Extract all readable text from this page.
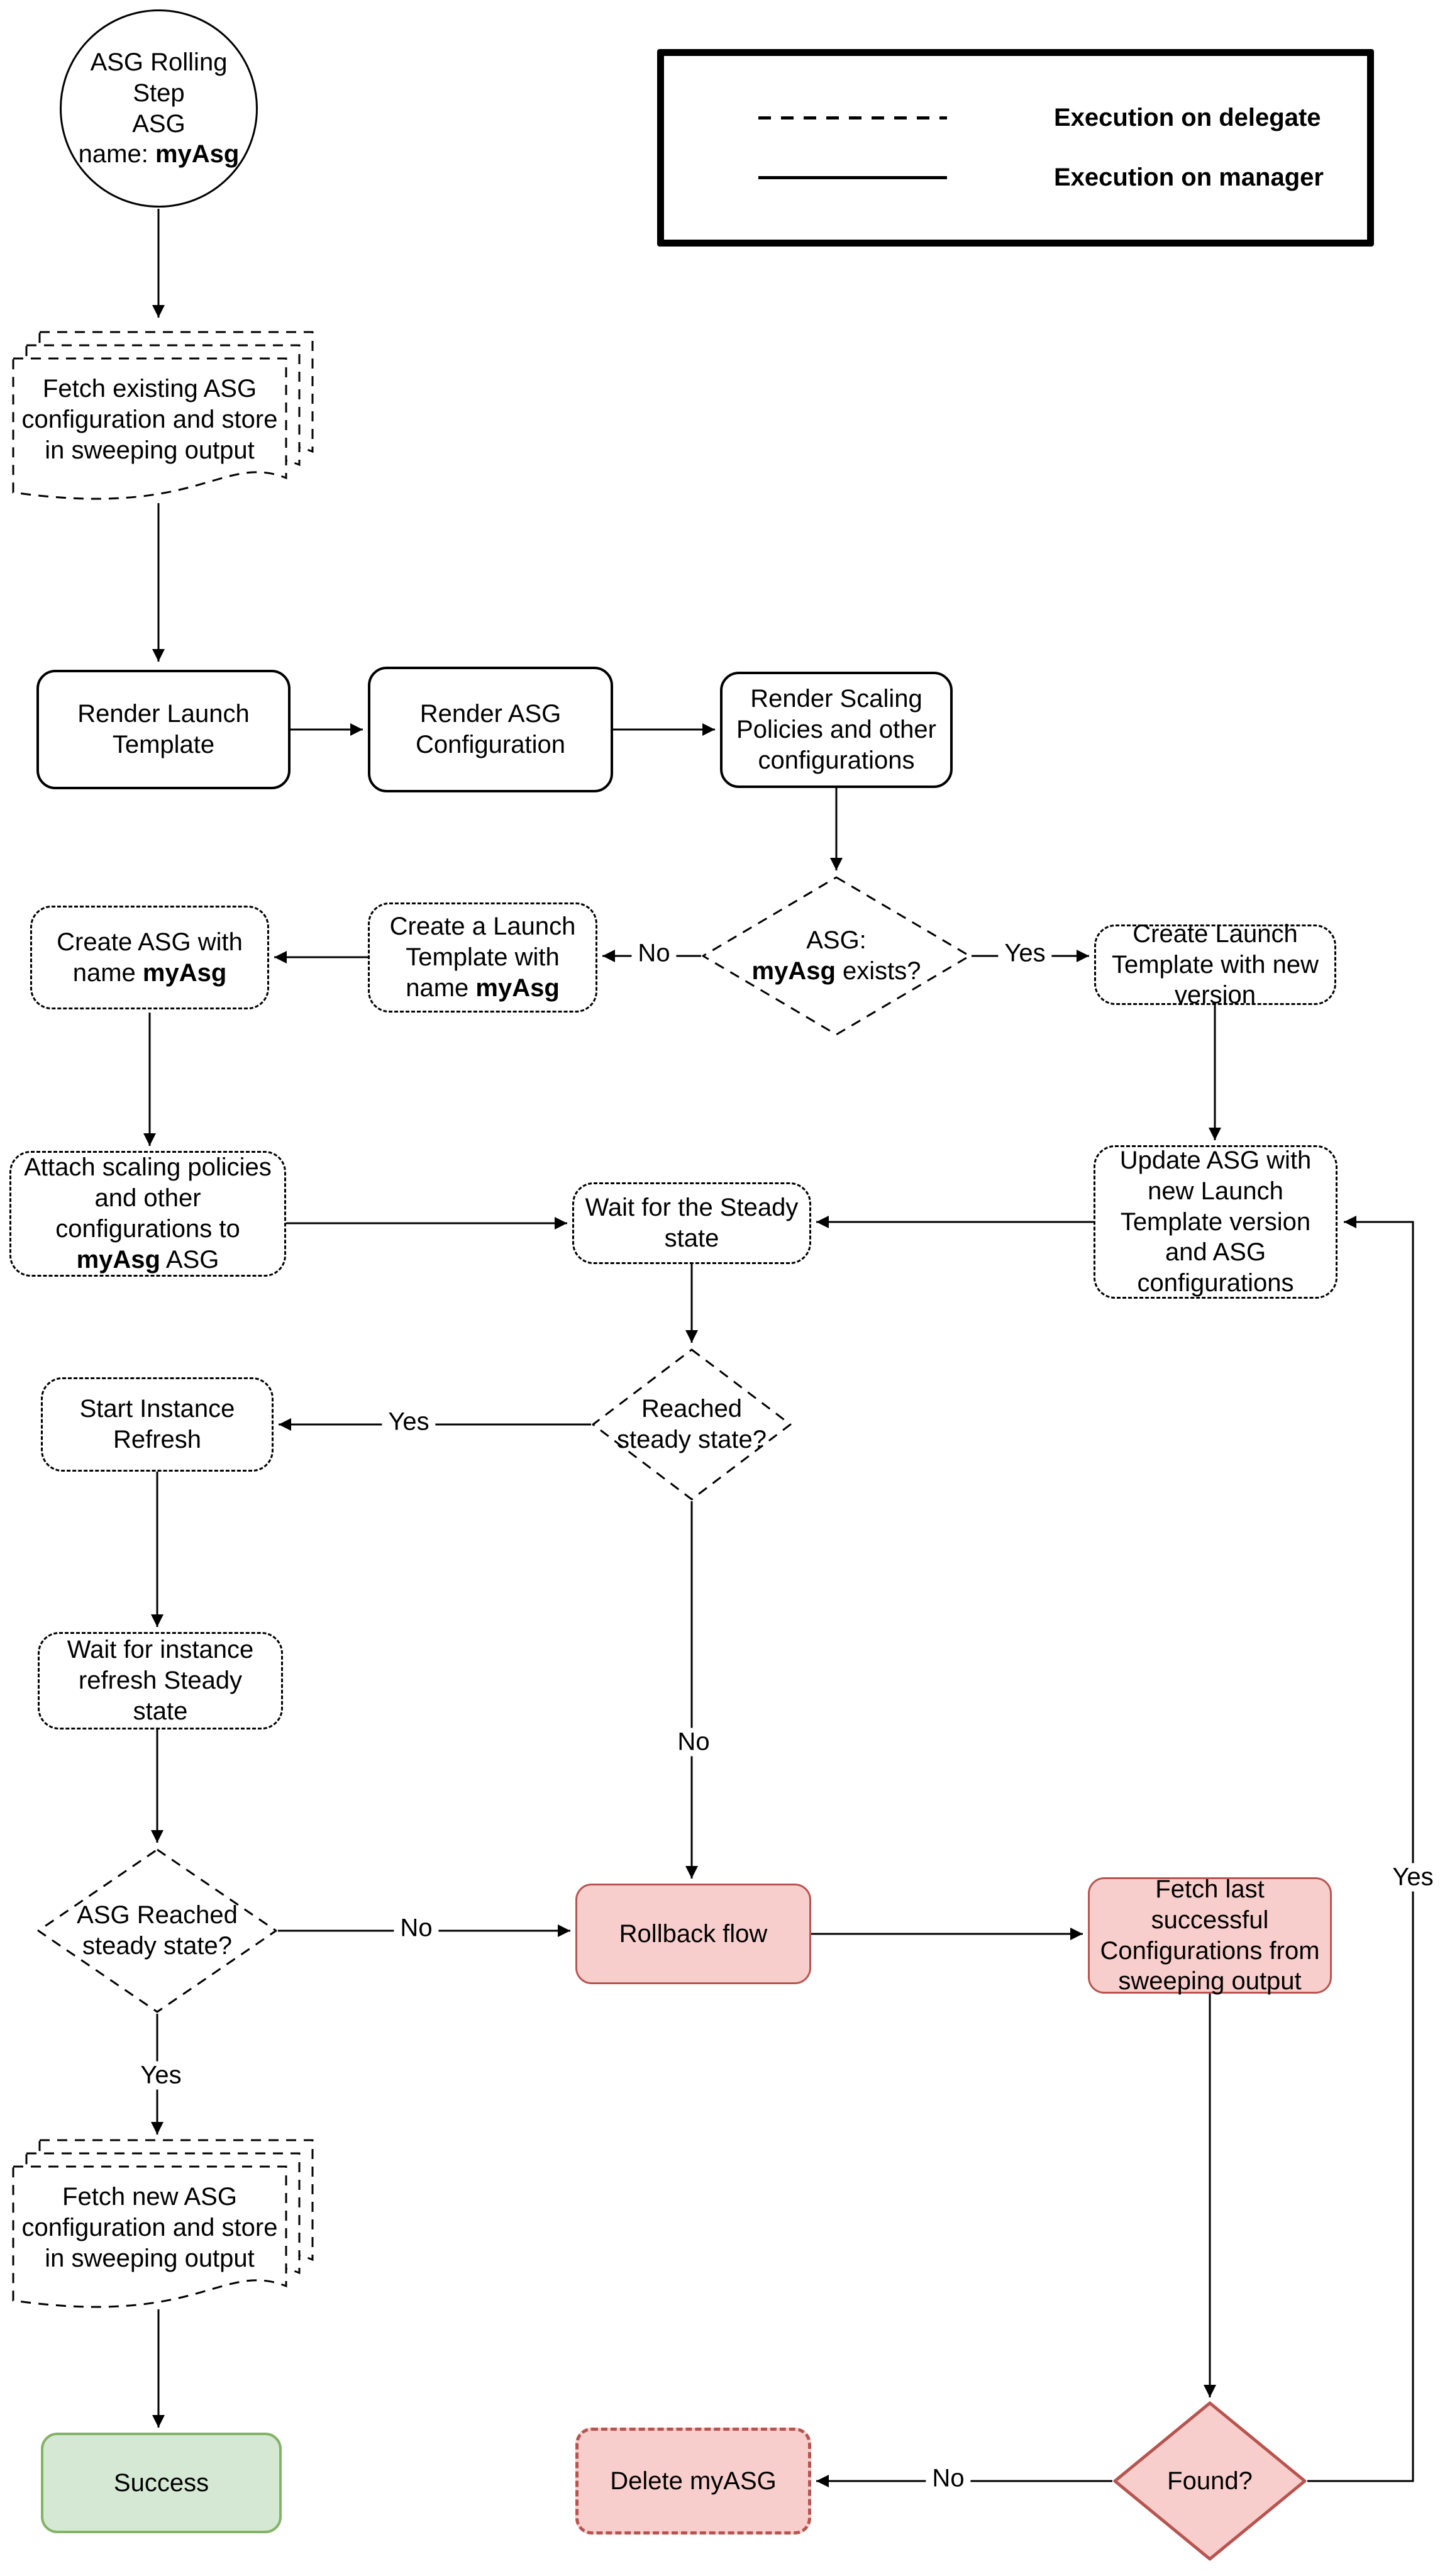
Execution on delegate
Execution on manager
ASG Rolling Step
ASG
name: myAsg
Fetch existing ASG configuration and store in sweeping output
Render Launch Template
Render ASG Configuration
Render Scaling Policies and other configurations
ASG:
myAsg exists?
Create a Launch Template with name myAsg
Create ASG with name myAsg
Create Launch Template with new version
Attach scaling policies and other configurations to myAsg ASG
Wait for the Steady state
Update ASG with new Launch Template version and ASG configurations
Reached steady state?
Start Instance Refresh
Wait for instance refresh Steady state
ASG Reached steady state?	Rollback flow
Fetch last successful Configurations from sweeping output
Fetch new ASG configuration and store in sweeping output
Success	Delete myASG	Found?
No	Yes
Yes
No
No
Yes
No
Yes
